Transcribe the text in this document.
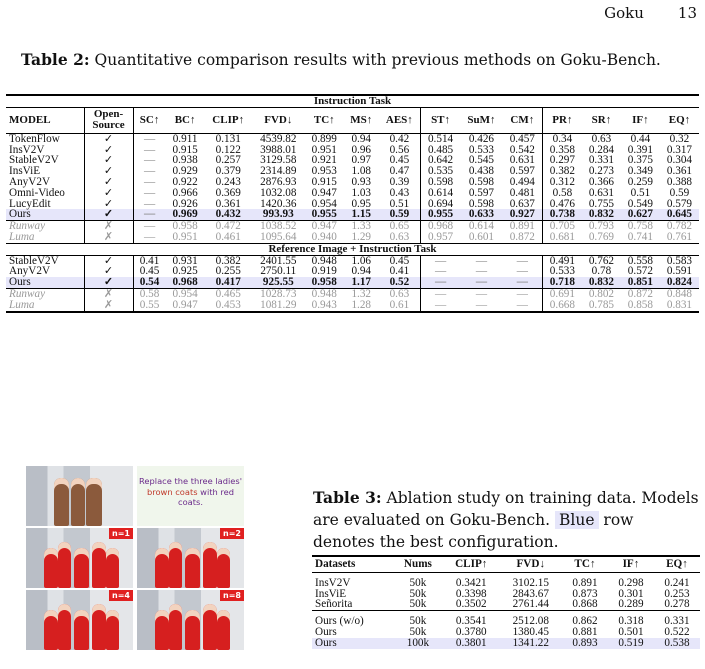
Goku 13
Table 2: Quantitative comparison results with previous methods on Goku-Bench.
Instruction Task															
MODEL	Open-
Source	SC↑	BC↑	CLIP↑	FVD↓	TC↑	MS↑	AES↑	ST↑	SuM↑	CM↑	PR↑	SR↑	IF↑	EQ↑
TokenFlow	✓	—	0.911	0.131	4539.82	0.899	0.94	0.42	0.514	0.426	0.457	0.34	0.63	0.44	0.32
InsV2V	✓	—	0.915	0.122	3988.01	0.951	0.96	0.56	0.485	0.533	0.542	0.358	0.284	0.391	0.317
StableV2V	✓	—	0.938	0.257	3129.58	0.921	0.97	0.45	0.642	0.545	0.631	0.297	0.331	0.375	0.304
InsViE	✓	—	0.929	0.379	2314.89	0.953	1.08	0.47	0.535	0.438	0.597	0.382	0.273	0.349	0.361
AnyV2V	✓	—	0.922	0.243	2876.93	0.915	0.93	0.39	0.598	0.598	0.494	0.312	0.366	0.259	0.388
Omni-Video	✓	—	0.966	0.369	1032.08	0.947	1.03	0.43	0.614	0.597	0.481	0.58	0.631	0.51	0.59
LucyEdit	✓	—	0.926	0.361	1420.36	0.954	0.95	0.51	0.694	0.598	0.637	0.476	0.755	0.549	0.579
Ours	✓	—	0.969	0.432	993.93	0.955	1.15	0.59	0.955	0.633	0.927	0.738	0.832	0.627	0.645
Runway	✗	—	0.958	0.472	1038.52	0.947	1.33	0.65	0.968	0.614	0.891	0.705	0.793	0.758	0.782
Luma	✗	—	0.951	0.461	1095.64	0.940	1.29	0.63	0.957	0.601	0.872	0.681	0.769	0.741	0.761
Reference Image + Instruction Task															
StableV2V	✓	0.41	0.931	0.382	2401.55	0.948	1.06	0.45	—	—	—	0.491	0.762	0.558	0.583
AnyV2V	✓	0.45	0.925	0.255	2750.11	0.919	0.94	0.41	—	—	—	0.533	0.78	0.572	0.591
Ours	✓	0.54	0.968	0.417	925.55	0.958	1.17	0.52	—	—	—	0.718	0.832	0.851	0.824
Runway	✗	0.58	0.954	0.465	1028.73	0.948	1.32	0.63	—	—	—	0.691	0.802	0.872	0.848
Luma	✗	0.55	0.947	0.453	1081.29	0.943	1.28	0.61	—	—	—	0.668	0.785	0.858	0.831
n=1	n=2
n=4	n=8
Replace the three ladies' brown coats with red coats.	Table 3: Ablation study on training data. Models are evaluated on Goku-Bench. Blue row denotes the best configuration.
Datasets	Nums	CLIP↑	FVD↓	TC↑	IF↑	EQ↑
InsV2V	50k	0.3421	3102.15	0.891	0.298	0.241
InsViE	50k	0.3398	2843.67	0.873	0.301	0.253
Señorita	50k	0.3502	2761.44	0.868	0.289	0.278
Ours (w/o)	50k	0.3541	2512.08	0.862	0.318	0.331
Ours	50k	0.3780	1380.45	0.881	0.501	0.522
Ours	100k	0.3801	1341.22	0.893	0.519	0.538
